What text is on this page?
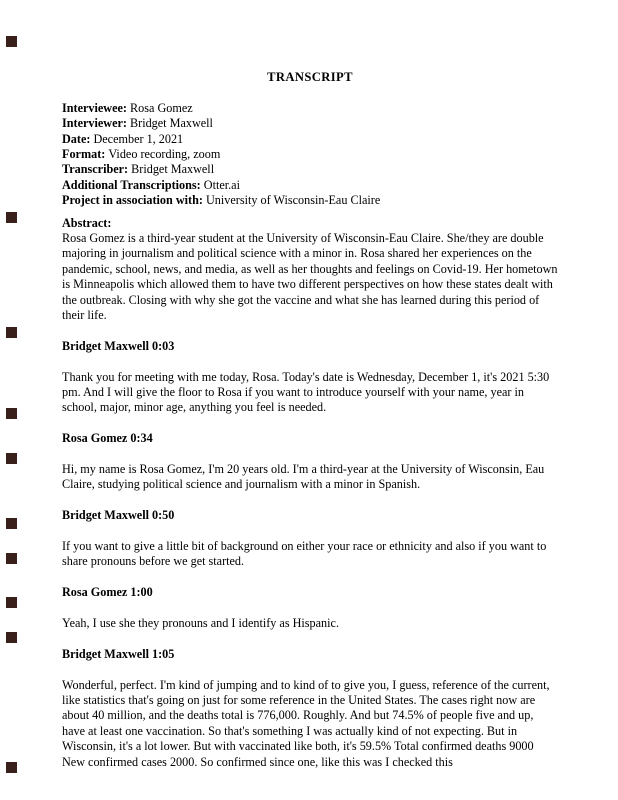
TRANSCRIPT
Interviewee: Rosa Gomez
Interviewer: Bridget Maxwell
Date: December 1, 2021
Format: Video recording, zoom
Transcriber: Bridget Maxwell
Additional Transcriptions: Otter.ai
Project in association with: University of Wisconsin-Eau Claire
Abstract:

Rosa Gomez is a third-year student at the University of Wisconsin-Eau Claire. She/they are double majoring in journalism and political science with a minor in. Rosa shared her experiences on the pandemic, school, news, and media, as well as her thoughts and feelings on Covid-19. Her hometown is Minneapolis which allowed them to have two different perspectives on how these states dealt with the outbreak. Closing with why she got the vaccine and what she has learned during this period of their life.

Bridget Maxwell 0:03

Thank you for meeting with me today, Rosa. Today's date is Wednesday, December 1, it's 2021 5:30 pm. And I will give the floor to Rosa if you want to introduce yourself with your name, year in school, major, minor age, anything you feel is needed.

Rosa Gomez 0:34

Hi, my name is Rosa Gomez, I'm 20 years old. I'm a third-year at the University of Wisconsin, Eau Claire, studying political science and journalism with a minor in Spanish.

Bridget Maxwell 0:50

If you want to give a little bit of background on either your race or ethnicity and also if you want to share pronouns before we get started.

Rosa Gomez 1:00

Yeah, I use she they pronouns and I identify as Hispanic.

Bridget Maxwell 1:05

Wonderful, perfect. I'm kind of jumping and to kind of to give you, I guess, reference of the current, like statistics that's going on just for some reference in the United States. The cases right now are about 40 million, and the deaths total is 776,000. Roughly. And but 74.5% of people five and up, have at least one vaccination. So that's something I was actually kind of not expecting. But in Wisconsin, it's a lot lower. But with vaccinated like both, it's 59.5% Total confirmed deaths 9000 New confirmed cases 2000. So confirmed since one, like this was I checked this
